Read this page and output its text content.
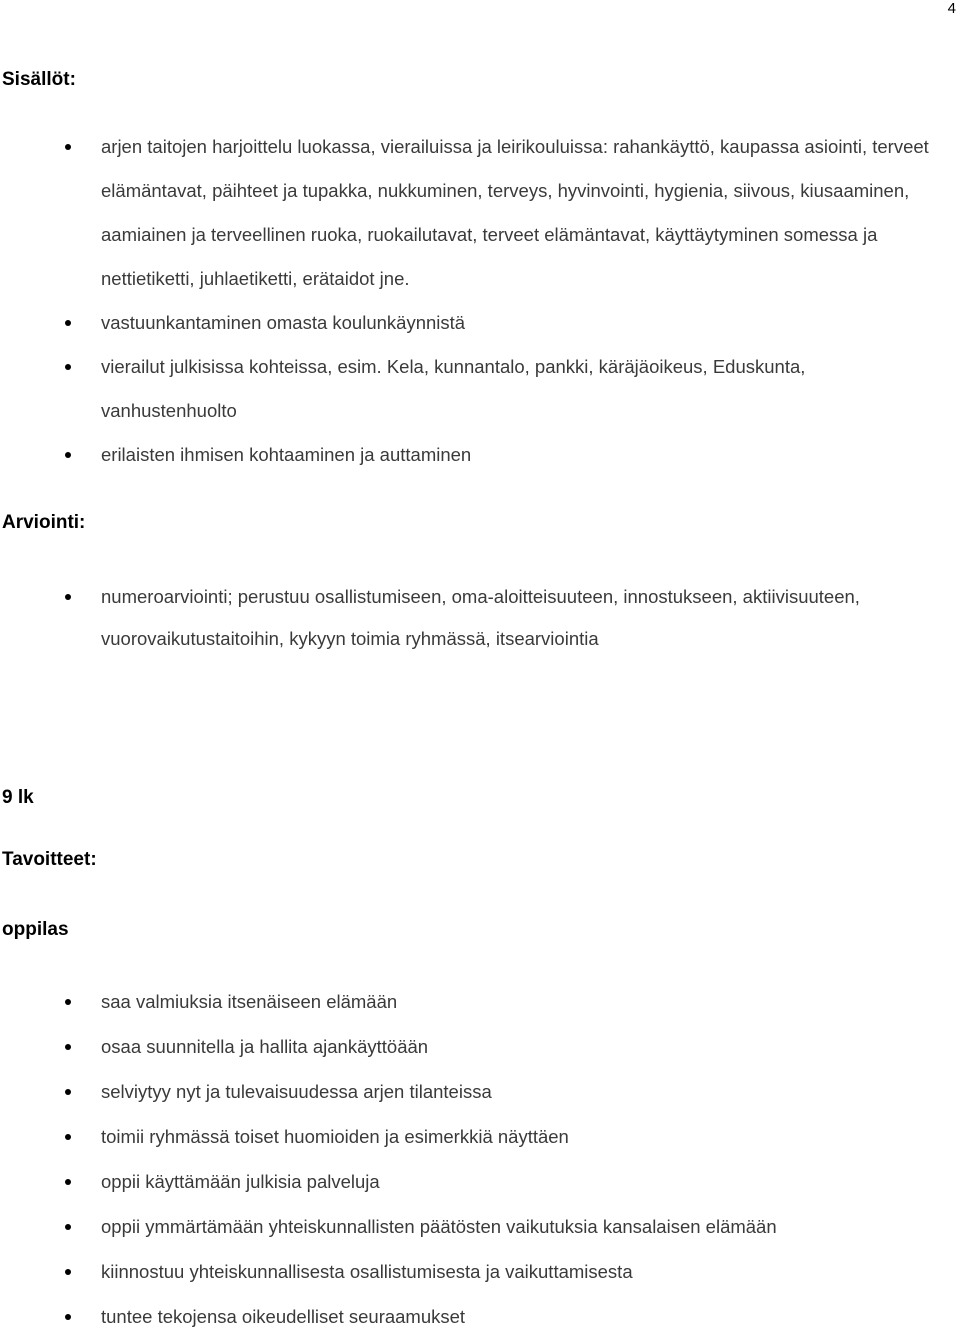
4
Sisällöt:
arjen taitojen harjoittelu luokassa, vierailuissa ja leirikouluissa: rahankäyttö, kaupassa asiointi, terveet elämäntavat, päihteet ja tupakka, nukkuminen, terveys, hyvinvointi, hygienia, siivous, kiusaaminen, aamiainen ja terveellinen ruoka, ruokailutavat, terveet elämäntavat, käyttäytyminen somessa ja nettietiketti, juhlaetiketti, erätaidot jne.
vastuunkantaminen omasta koulunkäynnistä
vierailut julkisissa kohteissa, esim. Kela, kunnantalo, pankki, käräjäoikeus, Eduskunta, vanhustenhuolto
erilaisten ihmisen kohtaaminen ja auttaminen
Arviointi:
numeroarviointi; perustuu osallistumiseen, oma-aloitteisuuteen, innostukseen, aktiivisuuteen, vuorovaikutustaitoihin, kykyyn toimia ryhmässä, itsearviointia
9 lk
Tavoitteet:
oppilas
saa valmiuksia itsenäiseen elämään
osaa suunnitella ja hallita ajankäyttöään
selviytyy nyt ja tulevaisuudessa arjen tilanteissa
toimii ryhmässä toiset huomioiden ja esimerkkiä näyttäen
oppii käyttämään julkisia palveluja
oppii ymmärtämään yhteiskunnallisten päätösten vaikutuksia kansalaisen elämään
kiinnostuu yhteiskunnallisesta osallistumisesta ja vaikuttamisesta
tuntee tekojensa oikeudelliset seuraamukset
